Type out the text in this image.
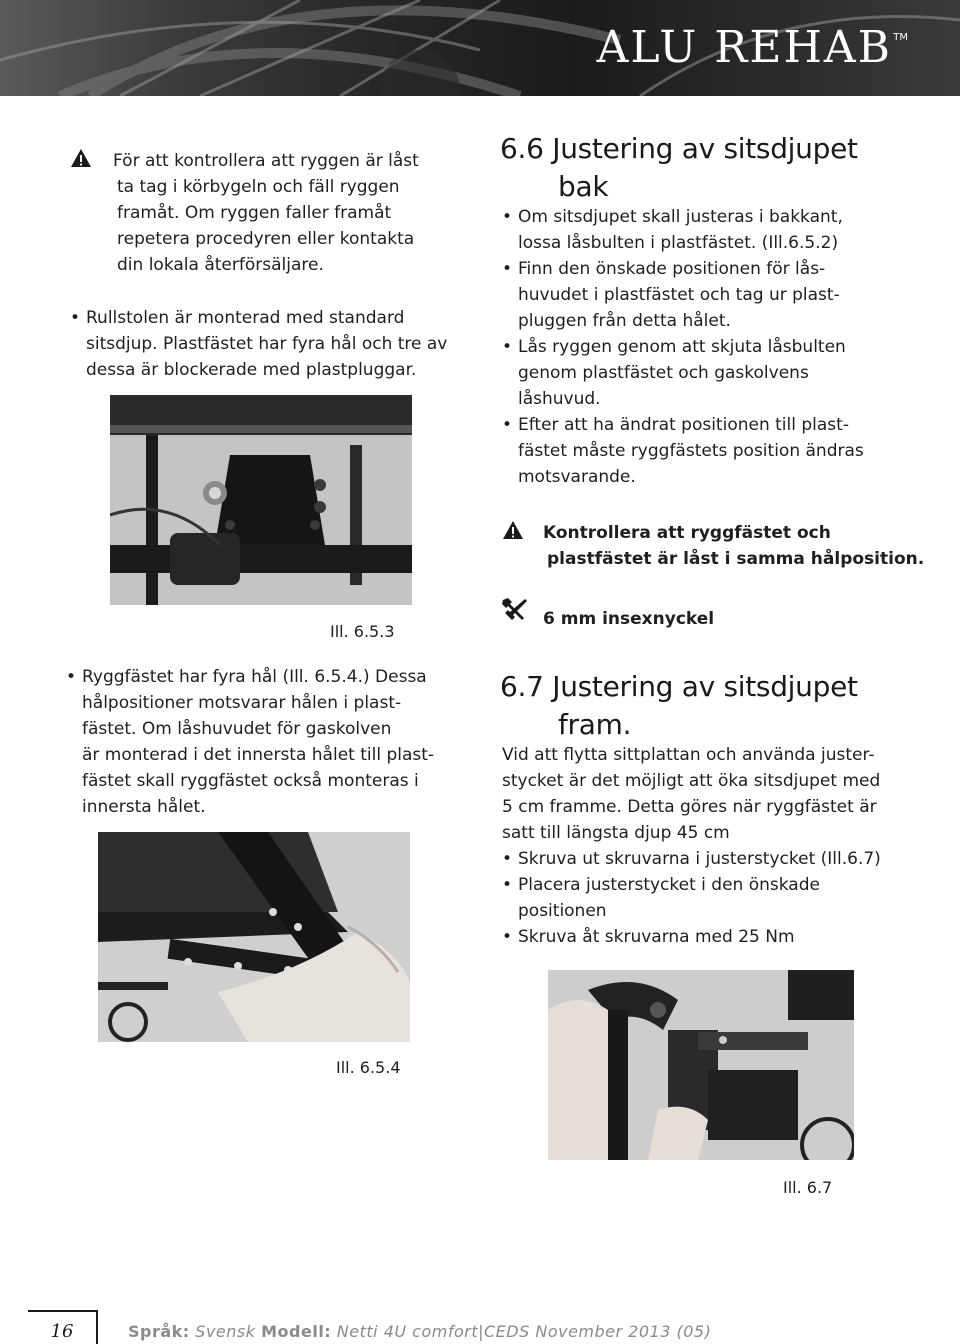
ALU REHAB TM

För att kontrollera att ryggen är låst

ta tag i körbygeln och fäll ryggen

framåt. Om ryggen faller framåt

repetera procedyren eller kontakta

din lokala återförsäljare.

• Rullstolen är monterad med standard

sitsdjup. Plastfästet har fyra hål och tre av

dessa är blockerade med plastpluggar.

Ill. 6.5.3
• Ryggfästet har fyra hål (Ill. 6.5.4.) Dessa

hålpositioner motsvarar hålen i plast-

fästet. Om låshuvudet för gaskolven

är monterad i det innersta hålet till plast-

fästet skall ryggfästet också monteras i

innersta hålet.

Ill. 6.5.4

6.6 Justering av sitsdjupet

bak

• Om sitsdjupet skall justeras i bakkant,

lossa låsbulten i plastfästet. (Ill.6.5.2)

• Finn den önskade positionen för lås-

huvudet i plastfästet och tag ur plast-

pluggen från detta hålet.

• Lås ryggen genom att skjuta låsbulten

genom plastfästet och gaskolvens

låshuvud.

• Efter att ha ändrat positionen till plast-

fästet måste ryggfästets position ändras

motsvarande.

Kontrollera att ryggfästet och

plastfästet är låst i samma hålposition.

6 mm insexnyckel

6.7 Justering av sitsdjupet

fram.

Vid att flytta sittplattan och använda juster-

stycket är det möjligt att öka sitsdjupet med

5 cm framme. Detta göres när ryggfästet är

satt till längsta djup 45 cm

• Skruva ut skruvarna i justerstycket (Ill.6.7)

• Placera justerstycket i den önskade

positionen

• Skruva åt skruvarna med 25 Nm

Ill. 6.7
16	Språk: Svensk Modell: Netti 4U comfort|CEDS November 2013 (05)
